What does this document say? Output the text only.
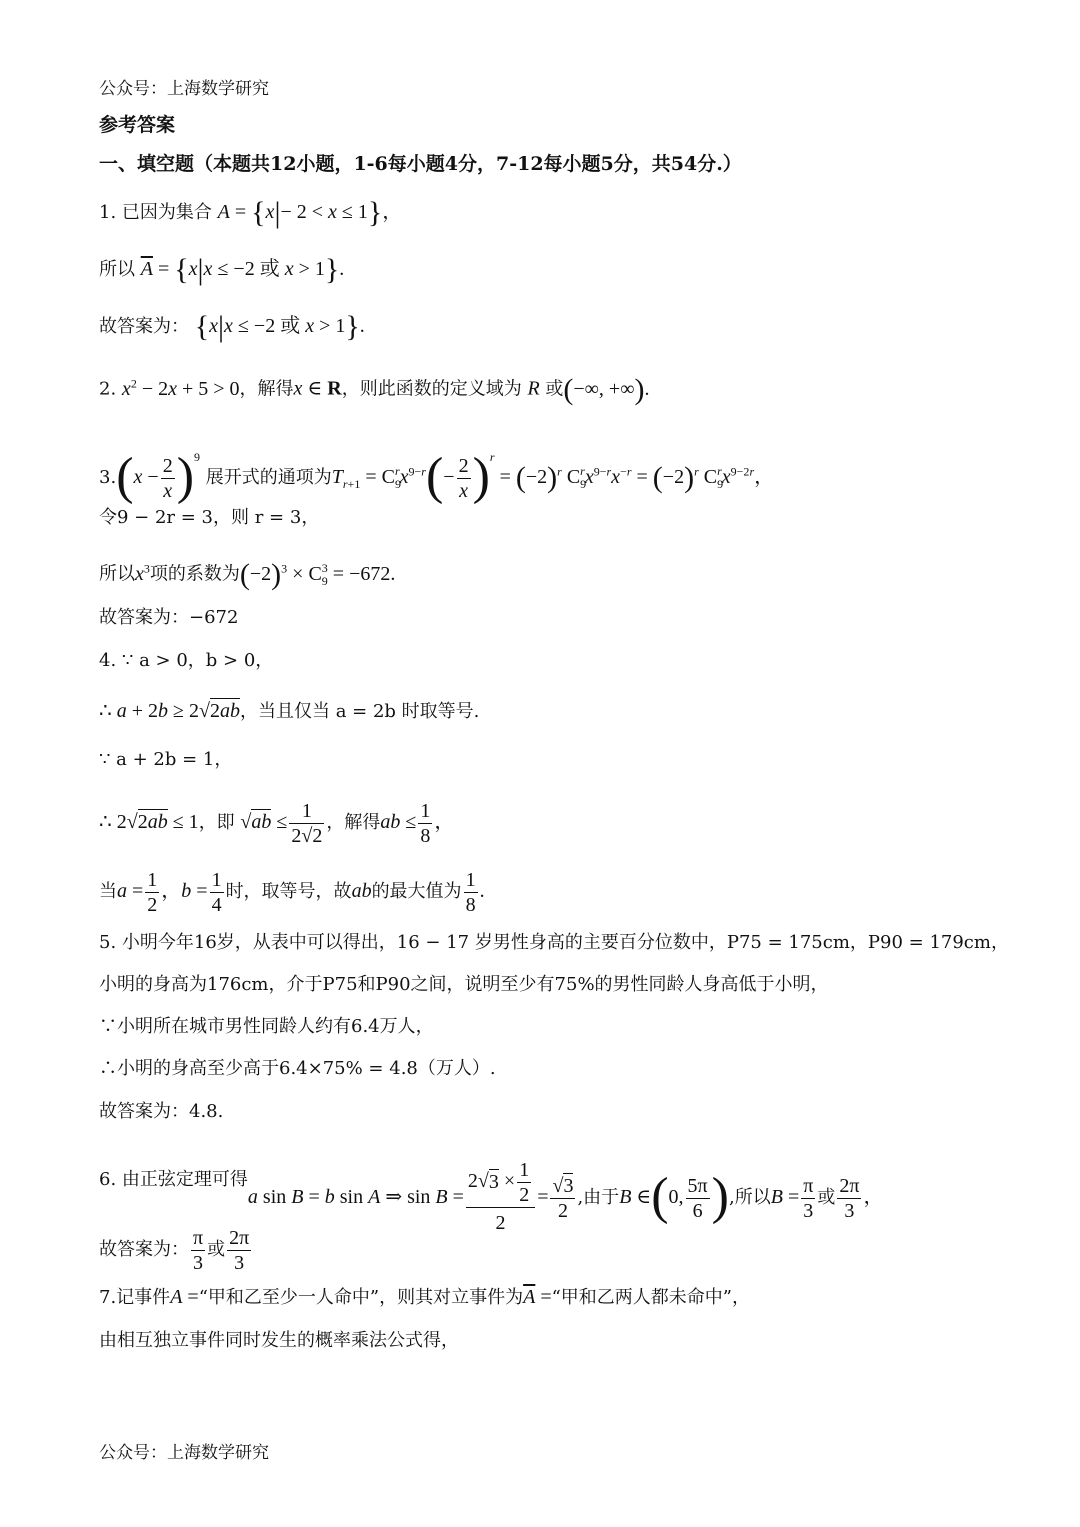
公众号：上海数学研究
参考答案
一、填空题（本题共12小题，1-6每小题4分，7-12每小题5分，共54分.）
1. 已因为集合 A = {x|− 2 < x ≤ 1}，
所以 $\overline{A} = \{x|x \le -2$ 或 x > 1}.
故答案为： {x|x ≤ −2 或 x > 1}.
2. $x^2 - 2x + 5 > 0$，解得x ∈ R，则此函数的定义域为 R 或(−∞, +∞).
$3.(x - \frac{2}{x} )^9$ 展开式的通项为$T_{r+1} = C_9^rx^{9-r}(- \frac{2}{x} )^r = (-2)^r$ $C_9^rx^{9-r}x^{-r} = (-2)^r$ $C_9^rx^{9-2r}$，
令9 − 2r = 3，则 r = 3，
所以$x^3$项的系数为$(-2)^3 \times C_9^3 = -672$.
故答案为：−672
4. ∵ a > 0，b > 0，
∴ a + 2b ≥ 2√2ab，当且仅当 a = 2b 时取等号.
∵ a + 2b = 1，
∴ 2√2ab ≤ 1，即 $√ab \le \frac{1}{2√2}$ ，解得ab ≤ $\frac{1}{8}$ ，
当$a = \frac{1}{2}$ ，$b = \frac{1}{4}$ 时，取等号，故ab的最大值为 $\frac{1}{8}$ .
5. 小明今年16岁，从表中可以得出，16 − 17 岁男性身高的主要百分位数中，P75 = 175cm，P90 = 179cm，
小明的身高为176cm，介于P75和P90之间，说明至少有75%的男性同龄人身高低于小明，
∵小明所在城市男性同龄人约有6.4万人，
∴小明的身高至少高于6.4×75% = 4.8（万人）.
故答案为：4.8.
6. 由正弦定理可得a sin B = b sin A ⇒ $\sin B = \frac{2√3 \times \frac{1}{2}}{2} = \frac{√3}{2}$ ,由于B ∈(0, $\frac{5\pi}{6}$ ),所以$B = \frac{\pi}{3}$ 或 $\frac{2\pi}{3}$ ，
故答案为： $\frac{\pi}{3}$ 或 $\frac{2\pi}{3}$
7.记事件A =“甲和乙至少一人命中”，则其对立事件为$\overline{A}$ =“甲和乙两人都未命中”，
由相互独立事件同时发生的概率乘法公式得，
公众号：上海数学研究
